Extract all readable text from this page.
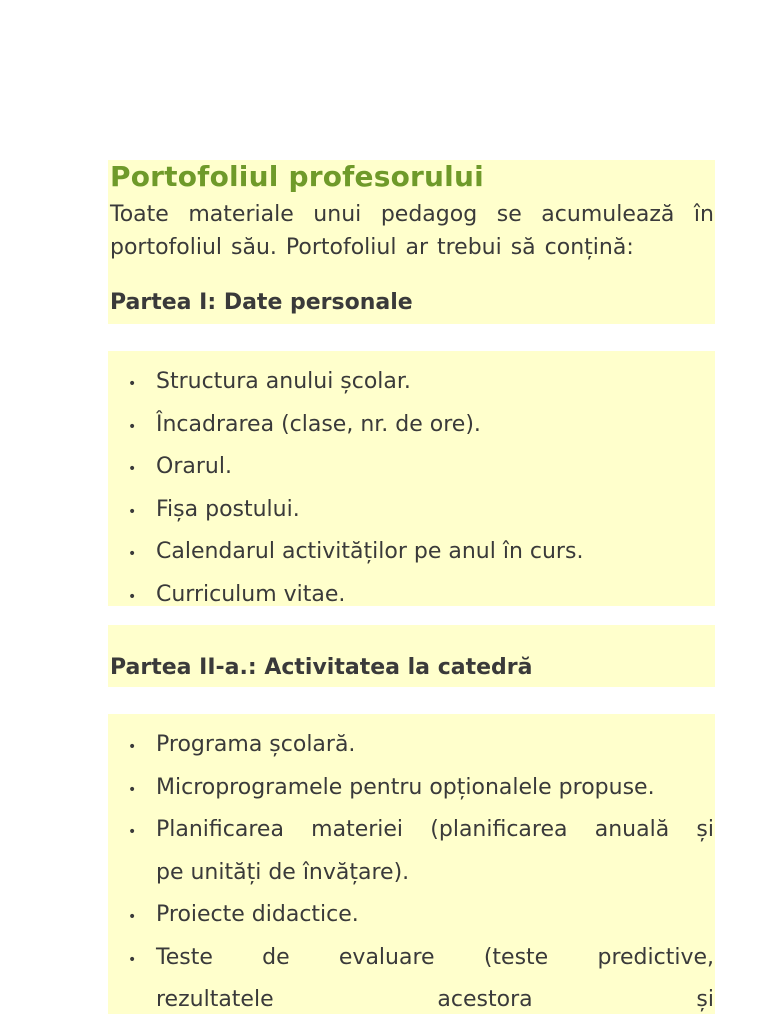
Portofoliul profesorului
Toate materiale unui pedagog se acumulează în
portofoliul său. Portofoliul ar trebui să conțină:
Partea I: Date personale
• Structura anului școlar.
• Încadrarea (clase, nr. de ore).
• Orarul.
• Fișa postului.
• Calendarul activităților pe anul în curs.
• Curriculum vitae.
Partea II-a.: Activitatea la catedră
• Programa școlară.
• Microprogramele pentru opționalele propuse.
• Planificarea materiei (planificarea anuală și
pe unități de învățare).
• Proiecte didactice.
• Teste de evaluare (teste predictive,
rezultatele acestora și
